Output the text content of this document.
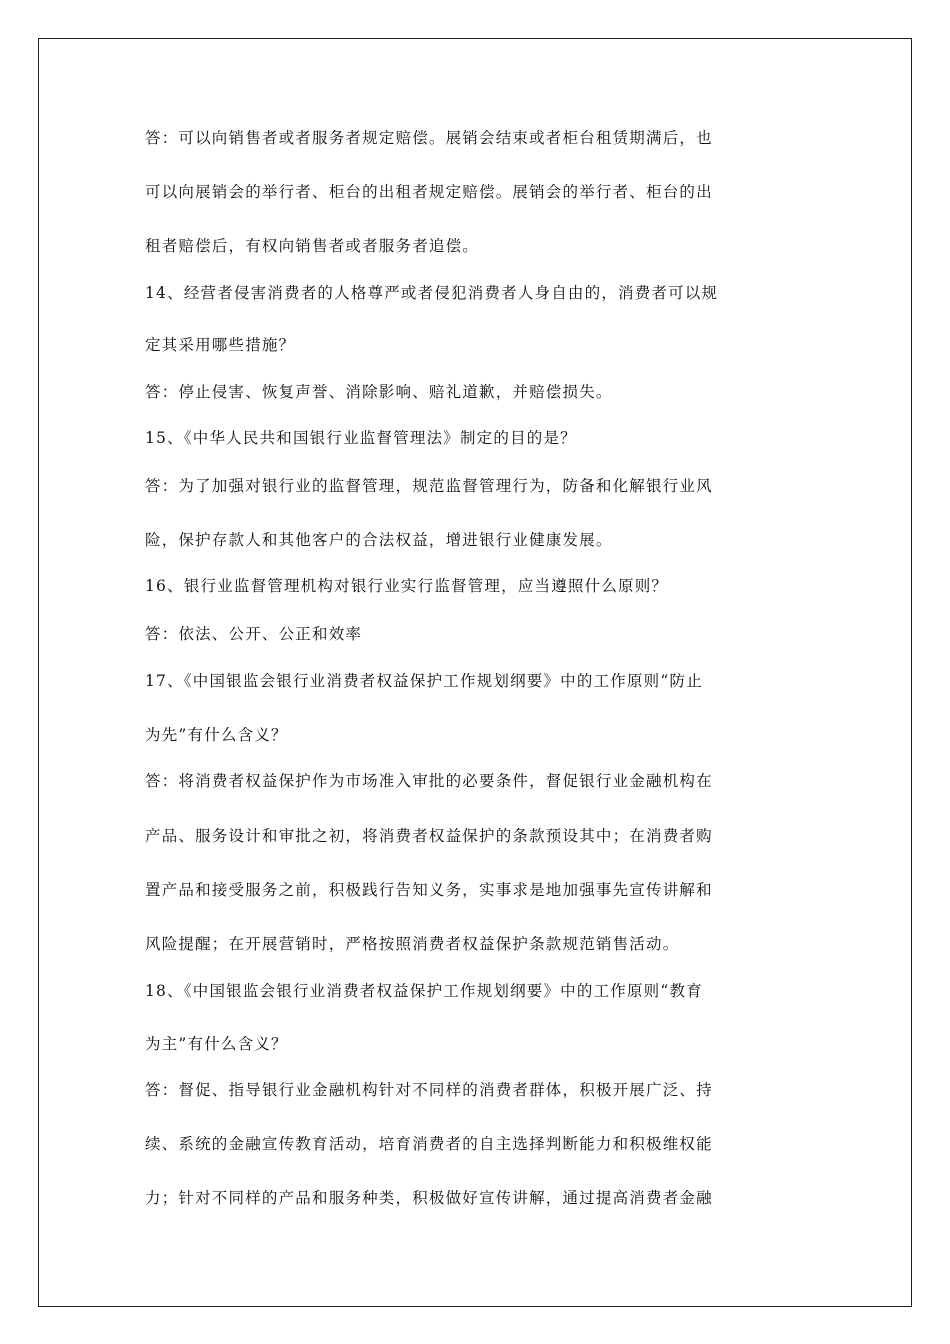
答：可以向销售者或者服务者规定赔偿。展销会结束或者柜台租赁期满后，也
可以向展销会的举行者、柜台的出租者规定赔偿。展销会的举行者、柜台的出
租者赔偿后，有权向销售者或者服务者追偿。
14、经营者侵害消费者的人格尊严或者侵犯消费者人身自由的，消费者可以规
定其采用哪些措施？
答：停止侵害、恢复声誉、消除影响、赔礼道歉，并赔偿损失。
15、《中华人民共和国银行业监督管理法》制定的目的是？
答：为了加强对银行业的监督管理，规范监督管理行为，防备和化解银行业风
险，保护存款人和其他客户的合法权益，增进银行业健康发展。
16、银行业监督管理机构对银行业实行监督管理，应当遵照什么原则？
答：依法、公开、公正和效率
17、《中国银监会银行业消费者权益保护工作规划纲要》中的工作原则“防止
为先”有什么含义？
答：将消费者权益保护作为市场准入审批的必要条件，督促银行业金融机构在
产品、服务设计和审批之初，将消费者权益保护的条款预设其中；在消费者购
置产品和接受服务之前，积极践行告知义务，实事求是地加强事先宣传讲解和
风险提醒；在开展营销时，严格按照消费者权益保护条款规范销售活动。
18、《中国银监会银行业消费者权益保护工作规划纲要》中的工作原则“教育
为主”有什么含义？
答：督促、指导银行业金融机构针对不同样的消费者群体，积极开展广泛、持
续、系统的金融宣传教育活动，培育消费者的自主选择判断能力和积极维权能
力；针对不同样的产品和服务种类，积极做好宣传讲解，通过提高消费者金融
